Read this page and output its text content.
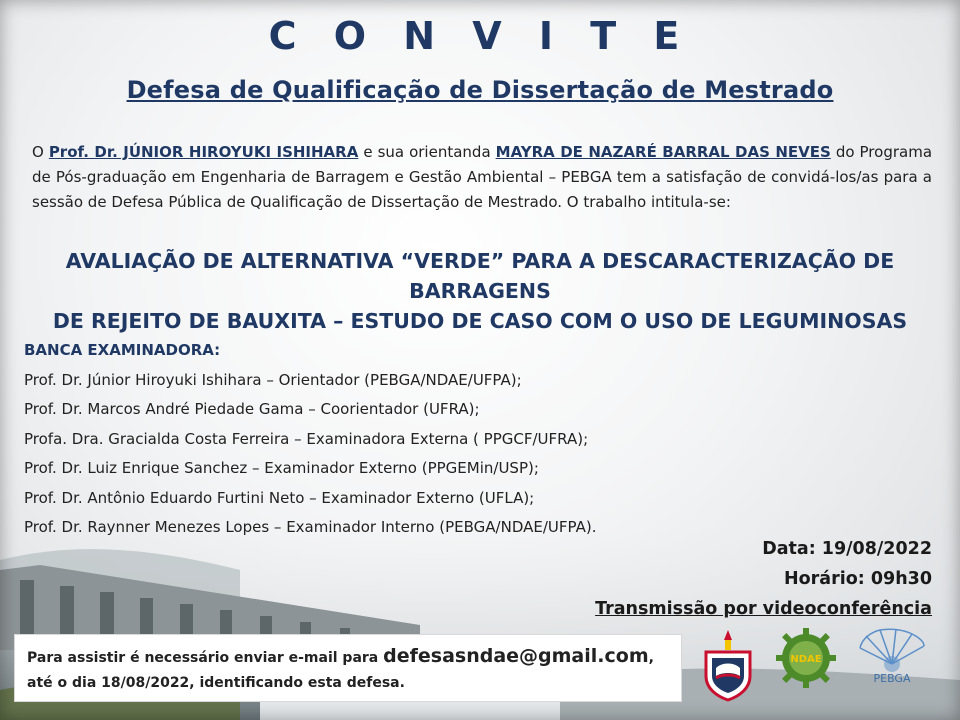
C O N V I T E
Defesa de Qualificação de Dissertação de Mestrado
O Prof. Dr. JÚNIOR HIROYUKI ISHIHARA e sua orientanda MAYRA DE NAZARÉ BARRAL DAS NEVES do Programa de Pós-graduação em Engenharia de Barragem e Gestão Ambiental – PEBGA tem a satisfação de convidá-los/as para a sessão de Defesa Pública de Qualificação de Dissertação de Mestrado. O trabalho intitula-se:
AVALIAÇÃO DE ALTERNATIVA “VERDE” PARA A DESCARACTERIZAÇÃO DE BARRAGENS
DE REJEITO DE BAUXITA – ESTUDO DE CASO COM O USO DE LEGUMINOSAS
BANCA EXAMINADORA:
Prof. Dr. Júnior Hiroyuki Ishihara – Orientador (PEBGA/NDAE/UFPA);
Prof. Dr. Marcos André Piedade Gama – Coorientador (UFRA);
Profa. Dra. Gracialda Costa Ferreira – Examinadora Externa ( PPGCF/UFRA);
Prof. Dr. Luiz Enrique Sanchez – Examinador Externo (PPGEMin/USP);
Prof. Dr. Antônio Eduardo Furtini Neto – Examinador Externo (UFLA);
Prof. Dr. Raynner Menezes Lopes – Examinador Interno (PEBGA/NDAE/UFPA).
Data: 19/08/2022
Horário: 09h30
Transmissão por videoconferência
Para assistir é necessário enviar e-mail para defesasndae@gmail.com,
até o dia 18/08/2022, identificando esta defesa.
NDAE
PEBGA
